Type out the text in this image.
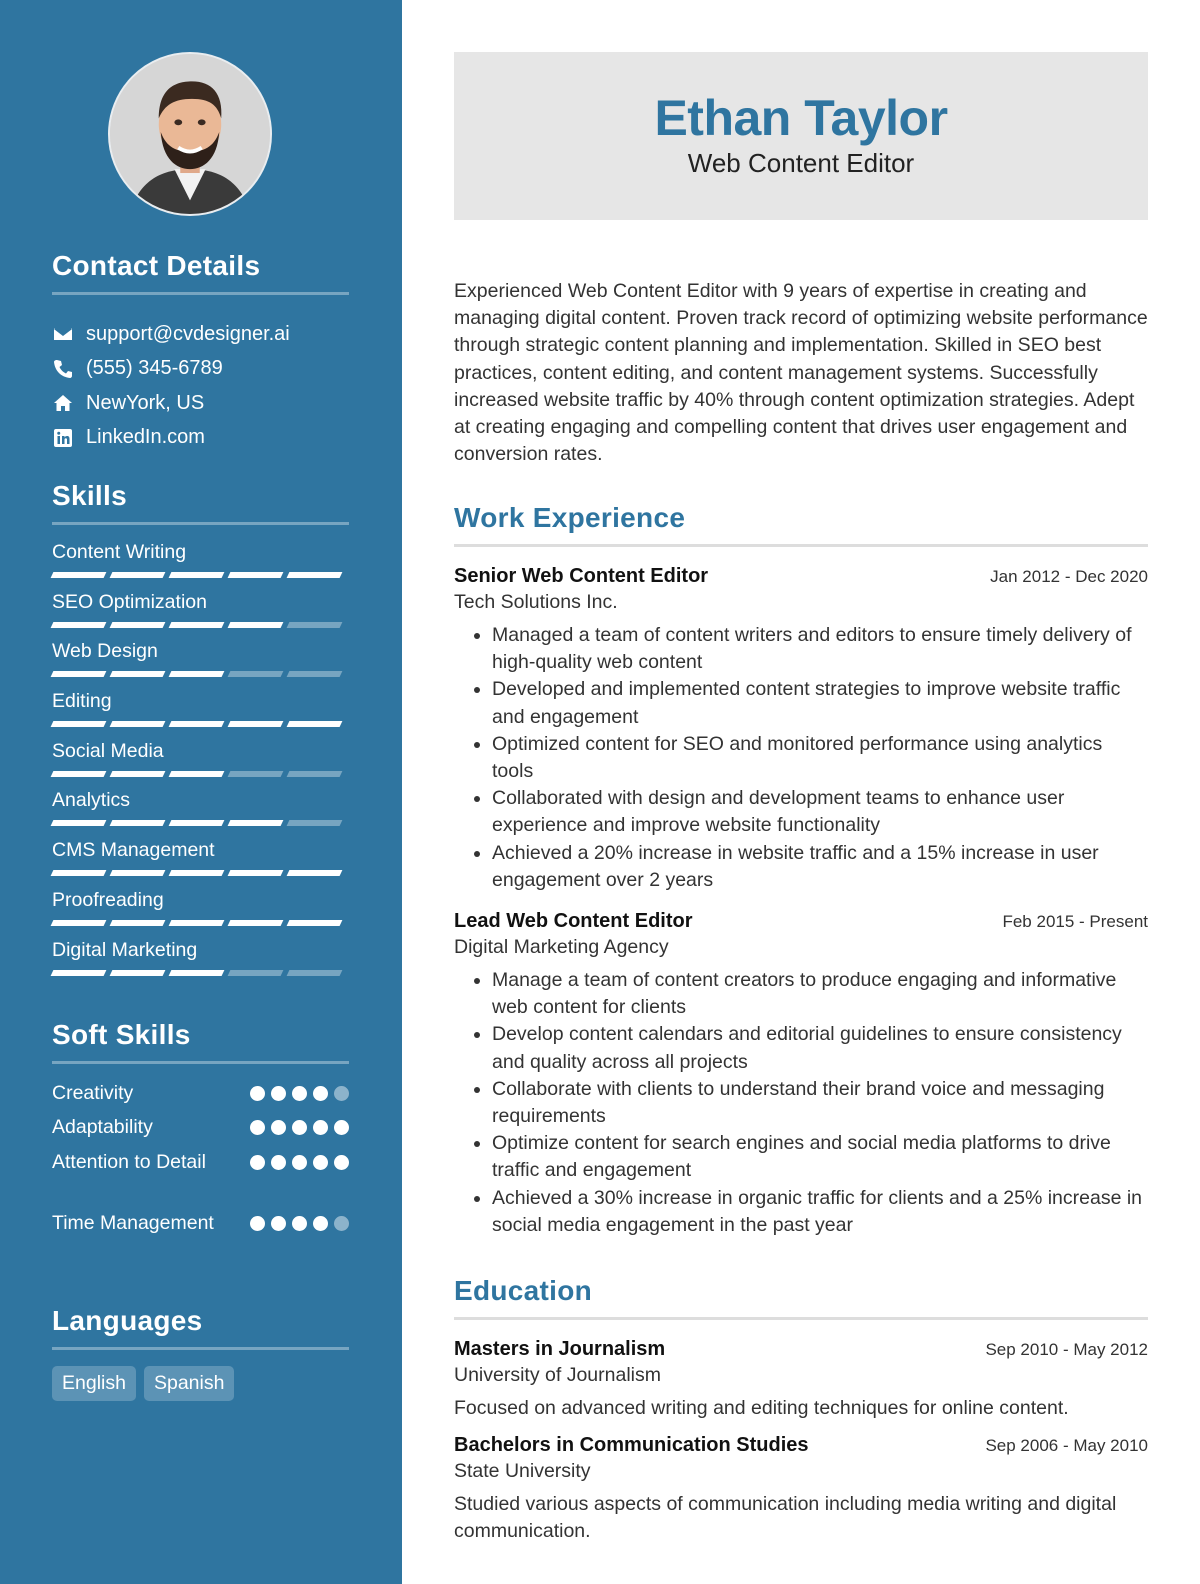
Contact Details
support@cvdesigner.ai
(555) 345-6789
NewYork, US
LinkedIn.com
Skills
Content Writing
SEO Optimization
Web Design
Editing
Social Media
Analytics
CMS Management
Proofreading
Digital Marketing
Soft Skills
Creativity
Adaptability
Attention to Detail
Time Management
Languages
English	Spanish
Ethan Taylor
Web Content Editor

Experienced Web Content Editor with 9 years of expertise in creating and managing digital content. Proven track record of optimizing website performance through strategic content planning and implementation. Skilled in SEO best practices, content editing, and content management systems. Successfully increased website traffic by 40% through content optimization strategies. Adept at creating engaging and compelling content that drives user engagement and conversion rates.

Work Experience
Senior Web Content Editor	Jan 2012 - Dec 2020
Tech Solutions Inc.
• Managed a team of content writers and editors to ensure timely delivery of high-quality web content
• Developed and implemented content strategies to improve website traffic and engagement
• Optimized content for SEO and monitored performance using analytics tools
• Collaborated with design and development teams to enhance user experience and improve website functionality
• Achieved a 20% increase in website traffic and a 15% increase in user engagement over 2 years
Lead Web Content Editor	Feb 2015 - Present
Digital Marketing Agency
• Manage a team of content creators to produce engaging and informative web content for clients
• Develop content calendars and editorial guidelines to ensure consistency and quality across all projects
• Collaborate with clients to understand their brand voice and messaging requirements
• Optimize content for search engines and social media platforms to drive traffic and engagement
• Achieved a 30% increase in organic traffic for clients and a 25% increase in social media engagement in the past year
Education
Masters in Journalism	Sep 2010 - May 2012
University of Journalism

Focused on advanced writing and editing techniques for online content.

Bachelors in Communication Studies	Sep 2006 - May 2010
State University

Studied various aspects of communication including media writing and digital communication.
